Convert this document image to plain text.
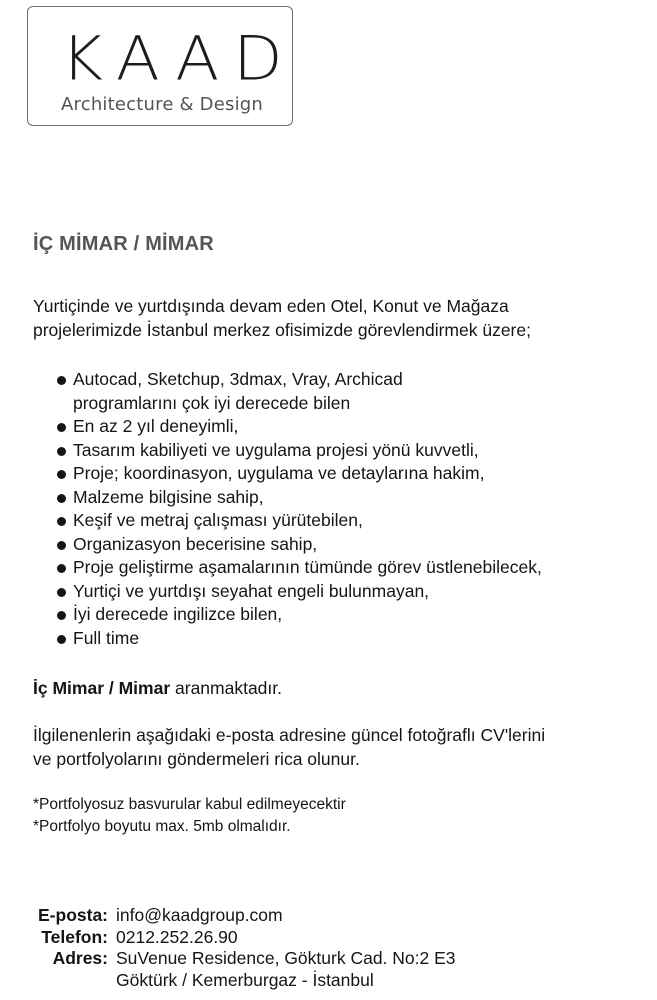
KAAD
Architecture & Design
İÇ MİMAR / MİMAR
Yurtiçinde ve yurtdışında devam eden Otel, Konut ve Mağaza
projelerimizde İstanbul merkez ofisimizde görevlendirmek üzere;
Autocad, Sketchup, 3dmax, Vray, Archicad
programlarını çok iyi derecede bilen
En az 2 yıl deneyimli,
Tasarım kabiliyeti ve uygulama projesi yönü kuvvetli,
Proje; koordinasyon, uygulama ve detaylarına hakim,
Malzeme bilgisine sahip,
Keşif ve metraj çalışması yürütebilen,
Organizasyon becerisine sahip,
Proje geliştirme aşamalarının tümünde görev üstlenebilecek,
Yurtiçi ve yurtdışı seyahat engeli bulunmayan,
İyi derecede ingilizce bilen,
Full time
İç Mimar / Mimar aranmaktadır.
İlgilenenlerin aşağıdaki e-posta adresine güncel fotoğraflı CV'lerini
ve portfolyolarını göndermeleri rica olunur.
*Portfolyosuz basvurular kabul edilmeyecektir
*Portfolyo boyutu max. 5mb olmalıdır.
E-posta:	info@kaadgroup.com
Telefon:	0212.252.26.90
Adres:	SuVenue Residence, Gökturk Cad. No:2 E3
Göktürk / Kemerburgaz - İstanbul
